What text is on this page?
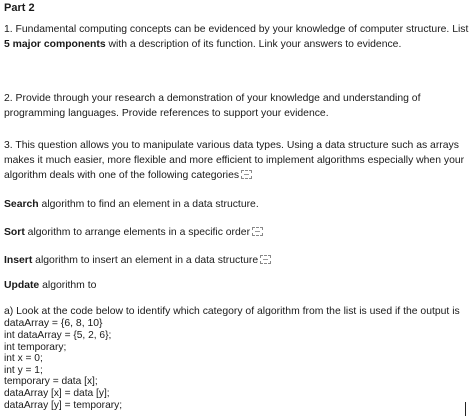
Part 2
1. Fundamental computing concepts can be evidenced by your knowledge of computer structure. List 5 major components with a description of its function. Link your answers to evidence.
2. Provide through your research a demonstration of your knowledge and understanding of programming languages. Provide references to support your evidence.
3. This question allows you to manipulate various data types. Using a data structure such as arrays makes it much easier, more flexible and more efficient to implement algorithms especially when your algorithm deals with one of the following categories
Search algorithm to find an element in a data structure.
Sort algorithm to arrange elements in a specific order
Insert algorithm to insert an element in a data structure
Update algorithm to
a) Look at the code below to identify which category of algorithm from the list is used if the output is dataArray = {6, 8, 10}
int dataArray = {5, 2, 6};
int temporary;
int x = 0;
int y = 1;
temporary = data [x];
dataArray [x] = data [y];
dataArray [y] = temporary;
